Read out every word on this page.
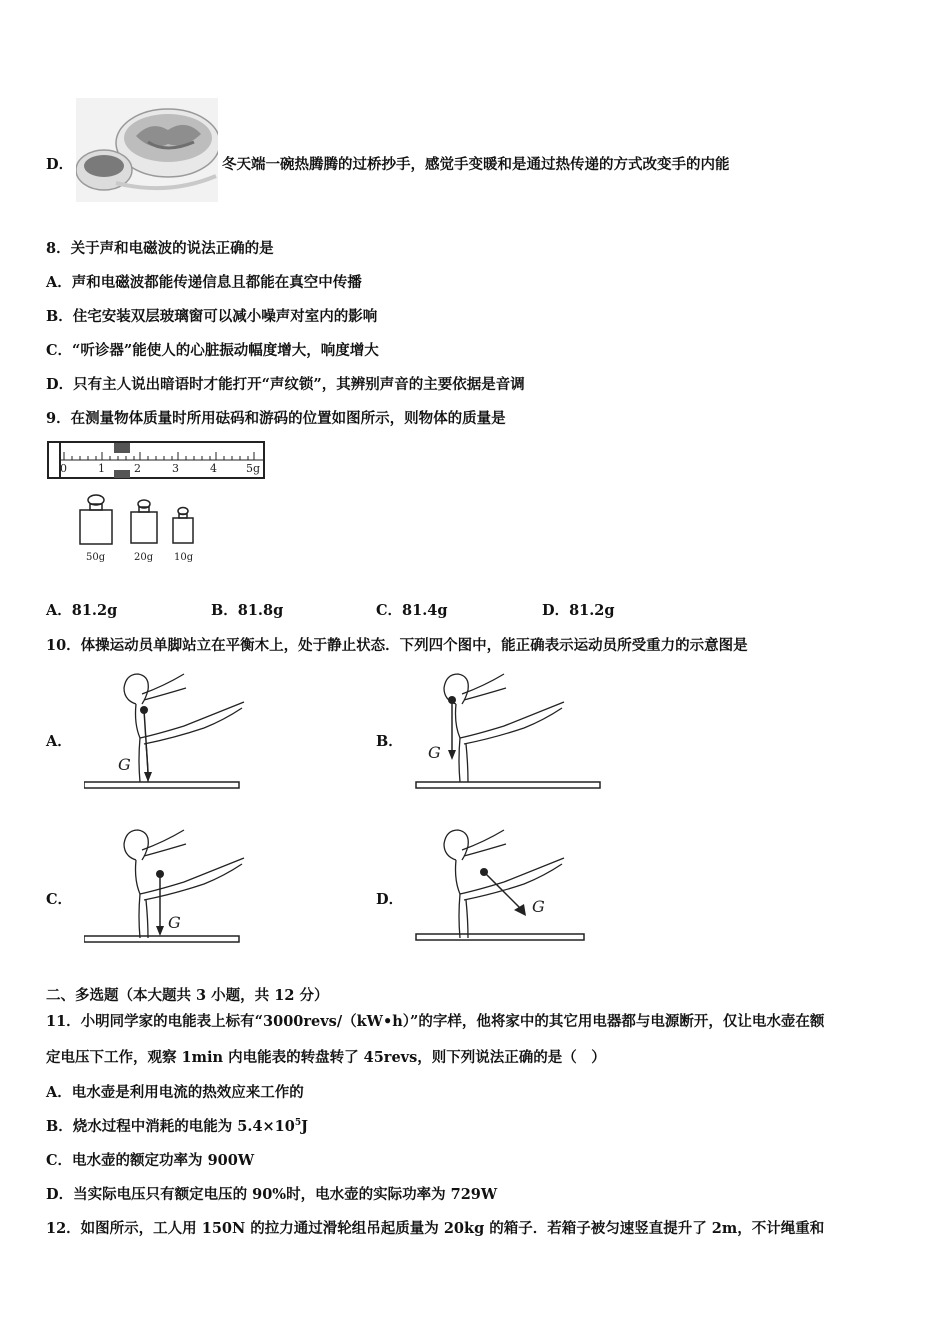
D．	冬天端一碗热腾腾的过桥抄手，感觉手变暖和是通过热传递的方式改变手的内能
8．关于声和电磁波的说法正确的是
A．声和电磁波都能传递信息且都能在真空中传播
B．住宅安装双层玻璃窗可以减小噪声对室内的影响
C．“听诊器”能使人的心脏振动幅度增大，响度增大
D．只有主人说出暗语时才能打开“声纹锁”，其辨别声音的主要依据是音调
9．在测量物体质量时所用砝码和游码的位置如图所示，则物体的质量是
0	1	2	3	4	5g
50g	20g 10g
A．81.2g	B．81.8g	C．81.4g	D．81.2g
10．体操运动员单脚站立在平衡木上，处于静止状态．下列四个图中，能正确表示运动员所受重力的示意图是
A．	B．
C．	D．
G
G
G
G
二、多选题（本大题共 3 小题，共 12 分）
11．小明同学家的电能表上标有“3000revs/（kW•h）”的字样，他将家中的其它用电器都与电源断开，仅让电水壶在额
定电压下工作，观察 1min 内电能表的转盘转了 45revs，则下列说法正确的是（　）
A．电水壶是利用电流的热效应来工作的
B．烧水过程中消耗的电能为 $5.4\times 10^5J$
C．电水壶的额定功率为 900W
D．当实际电压只有额定电压的 90%时，电水壶的实际功率为 729W
12．如图所示，工人用 150N 的拉力通过滑轮组吊起质量为 20kg 的箱子．若箱子被匀速竖直提升了 2m，不计绳重和
